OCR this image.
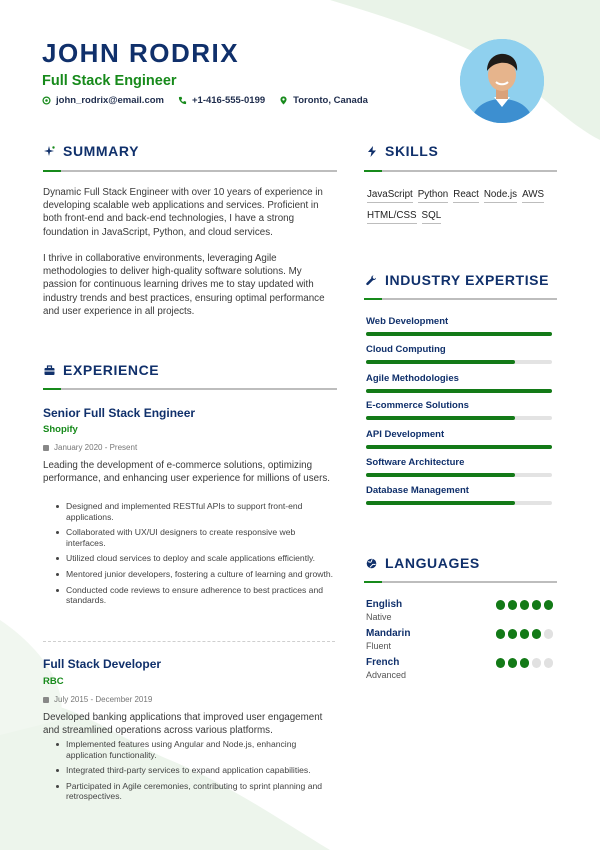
JOHN RODRIX
Full Stack Engineer
john_rodrix@email.com	+1-416-555-0199	Toronto, Canada
SUMMARY
Dynamic Full Stack Engineer with over 10 years of experience in developing scalable web applications and services. Proficient in both front-end and back-end technologies, I have a strong foundation in JavaScript, Python, and cloud services.
I thrive in collaborative environments, leveraging Agile methodologies to deliver high-quality software solutions. My passion for continuous learning drives me to stay updated with industry trends and best practices, ensuring optimal performance and user experience in all projects.
EXPERIENCE
Senior Full Stack Engineer
Shopify
January 2020 - Present
Leading the development of e-commerce solutions, optimizing performance, and enhancing user experience for millions of users.
Designed and implemented RESTful APIs to support front-end applications.
Collaborated with UX/UI designers to create responsive web interfaces.
Utilized cloud services to deploy and scale applications efficiently.
Mentored junior developers, fostering a culture of learning and growth.
Conducted code reviews to ensure adherence to best practices and standards.
Full Stack Developer
RBC
July 2015 - December 2019
Developed banking applications that improved user engagement and streamlined operations across various platforms.
Implemented features using Angular and Node.js, enhancing application functionality.
Integrated third-party services to expand application capabilities.
Participated in Agile ceremonies, contributing to sprint planning and retrospectives.
SKILLS
JavaScript Python React Node.js AWS
HTML/CSS SQL
INDUSTRY EXPERTISE
Web Development
Cloud Computing
Agile Methodologies
E-commerce Solutions
API Development
Software Architecture
Database Management
LANGUAGES
English
Native
Mandarin
Fluent
French
Advanced
